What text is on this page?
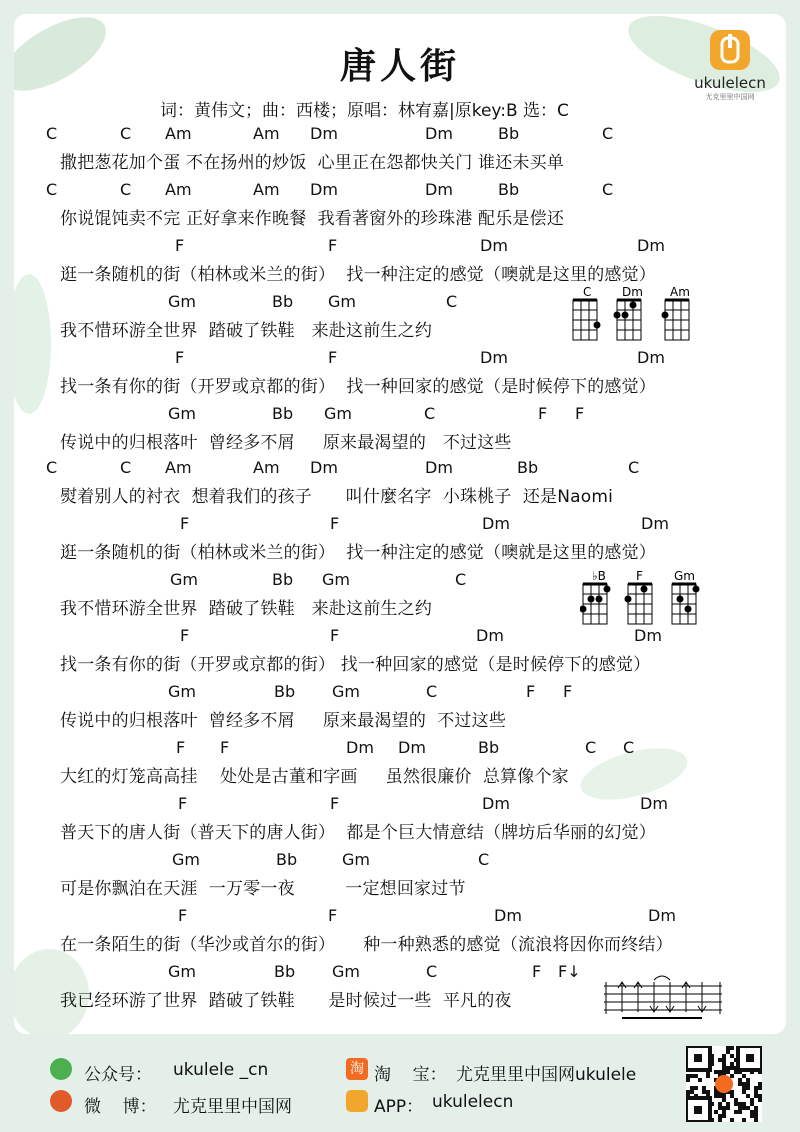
唐人街	ukulelecn
尤克里里中国网
词：黄伟文；曲：西楼；原唱：林宥嘉|原key:B 选：C
C	C Am	Am Dm	Dm	Bb	C
撒把葱花加个蛋 不在扬州的炒饭  心里正在怨都快关门 谁还未买单
C	C Am	Am Dm	Dm	Bb	C
你说馄饨卖不完 正好拿来作晚餐  我看著窗外的珍珠港 配乐是偿还
F	F	Dm	Dm
逛一条随机的街（柏林或米兰的街）  找一种注定的感觉（噢就是这里的感觉）
Gm	Bb Gm	C
我不惜环游全世界  踏破了铁鞋   来赴这前生之约
F	F	Dm	Dm
找一条有你的街（开罗或京都的街）  找一种回家的感觉（是时候停下的感觉）
Gm	Bb Gm	C	F F
传说中的归根落叶  曾经多不屑     原来最渴望的   不过这些
C	C Am	Am Dm	Dm	Bb	C
熨着别人的衬衣  想着我们的孩子      叫什麼名字  小珠桃子  还是Naomi
F	F	Dm	Dm
逛一条随机的街（柏林或米兰的街）  找一种注定的感觉（噢就是这里的感觉）
Gm	Bb Gm	C
我不惜环游全世界  踏破了铁鞋   来赴这前生之约
F	F	Dm	Dm
找一条有你的街（开罗或京都的街） 找一种回家的感觉（是时候停下的感觉）
Gm	Bb Gm	C	F F
传说中的归根落叶  曾经多不屑     原来最渴望的  不过这些
F F	Dm Dm	Bb	C C
大红的灯笼高高挂    处处是古董和字画     虽然很廉价  总算像个家
F	F	Dm	Dm
普天下的唐人街（普天下的唐人街）  都是个巨大情意结（牌坊后华丽的幻觉）
Gm	Bb	Gm	C
可是你飘泊在天涯  一万零一夜         一定想回家过节
F	F	Dm	Dm
在一条陌生的街（华沙或首尔的街）     种一种熟悉的感觉（流浪将因你而终结）
Gm	Bb Gm	C	F F↓
我已经环游了世界  踏破了铁鞋      是时候过一些  平凡的夜
C	Dm Am
♭B	F	Gm
公众号： ukulele _cn
微    博： 尤克里里中国网
淘 淘    宝： 尤克里里中国网ukulele
APP： ukulelecn
